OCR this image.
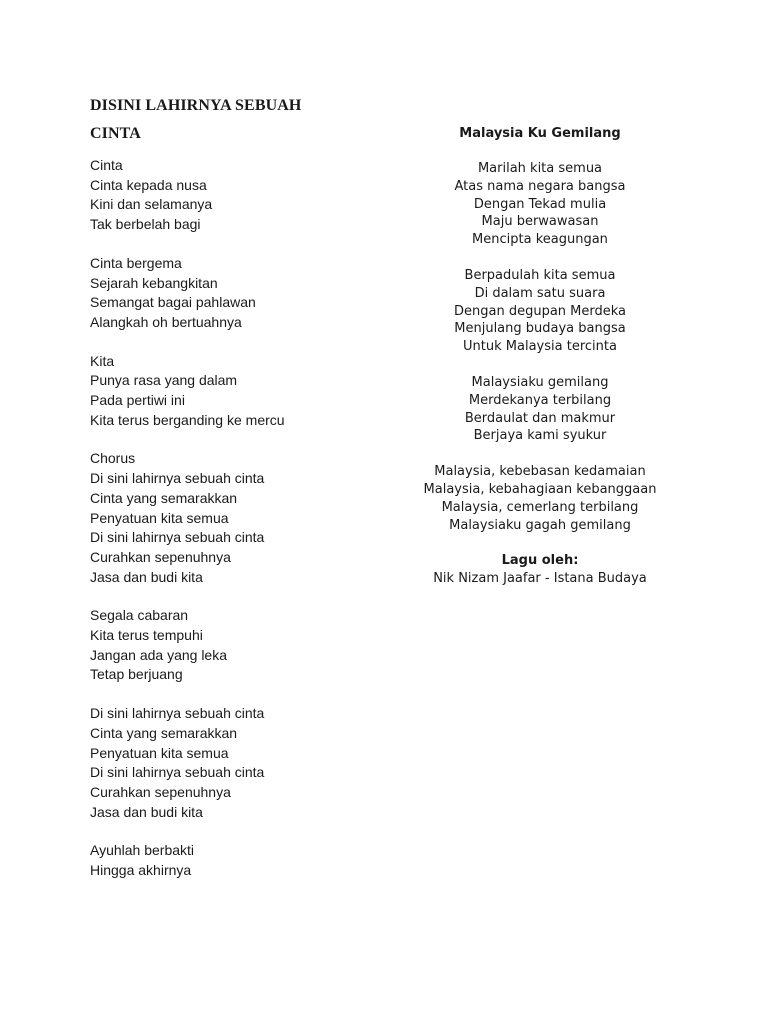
DISINI LAHIRNYA SEBUAH
CINTA
Cinta
Cinta kepada nusa
Kini dan selamanya
Tak berbelah bagi
Cinta bergema
Sejarah kebangkitan
Semangat bagai pahlawan
Alangkah oh bertuahnya
Kita
Punya rasa yang dalam
Pada pertiwi ini
Kita terus berganding ke mercu
Chorus
Di sini lahirnya sebuah cinta
Cinta yang semarakkan
Penyatuan kita semua
Di sini lahirnya sebuah cinta
Curahkan sepenuhnya
Jasa dan budi kita
Segala cabaran
Kita terus tempuhi
Jangan ada yang leka
Tetap berjuang
Di sini lahirnya sebuah cinta
Cinta yang semarakkan
Penyatuan kita semua
Di sini lahirnya sebuah cinta
Curahkan sepenuhnya
Jasa dan budi kita
Ayuhlah berbakti
Hingga akhirnya
Malaysia Ku Gemilang
Marilah kita semua
Atas nama negara bangsa
Dengan Tekad mulia
Maju berwawasan
Mencipta keagungan
Berpadulah kita semua
Di dalam satu suara
Dengan degupan Merdeka
Menjulang budaya bangsa
Untuk Malaysia tercinta
Malaysiaku gemilang
Merdekanya terbilang
Berdaulat dan makmur
Berjaya kami syukur
Malaysia, kebebasan kedamaian
Malaysia, kebahagiaan kebanggaan
Malaysia, cemerlang terbilang
Malaysiaku gagah gemilang
Lagu oleh:
Nik Nizam Jaafar - Istana Budaya
